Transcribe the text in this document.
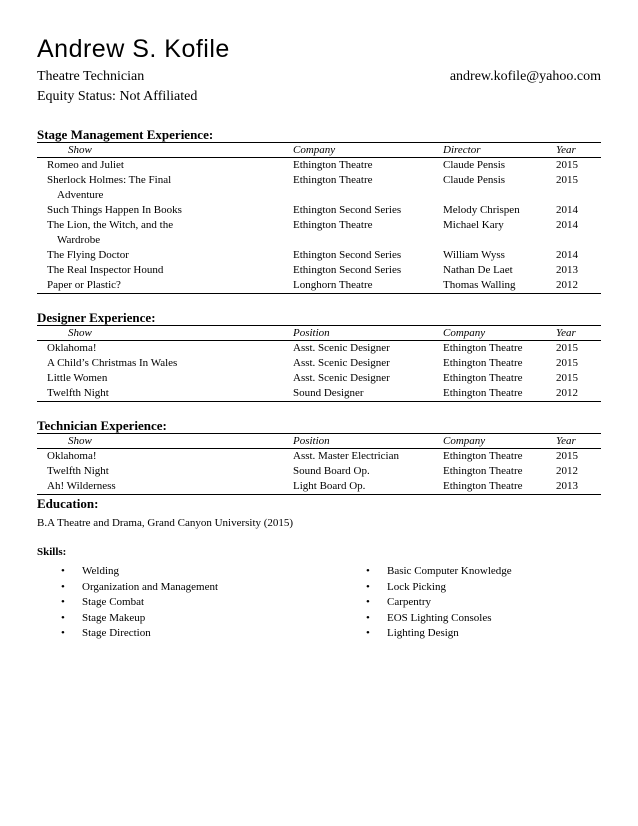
Andrew S. Kofile
Theatre Technician	andrew.kofile@yahoo.com
Equity Status: Not Affiliated
Stage Management Experience:
Show	Company	Director	Year
Romeo and Juliet	Ethington Theatre	Claude Pensis	2015
Sherlock Holmes: The Final
Adventure	Ethington Theatre	Claude Pensis	2015
Such Things Happen In Books	Ethington Second Series	Melody Chrispen	2014
The Lion, the Witch, and the
Wardrobe	Ethington Theatre	Michael Kary	2014
The Flying Doctor	Ethington Second Series	William Wyss	2014
The Real Inspector Hound	Ethington Second Series	Nathan De Laet	2013
Paper or Plastic?	Longhorn Theatre	Thomas Walling	2012
Designer Experience:
Show	Position	Company	Year
Oklahoma!	Asst. Scenic Designer	Ethington Theatre	2015
A Child’s Christmas In Wales	Asst. Scenic Designer	Ethington Theatre	2015
Little Women	Asst. Scenic Designer	Ethington Theatre	2015
Twelfth Night	Sound Designer	Ethington Theatre	2012
Technician Experience:
Show	Position	Company	Year
Oklahoma!	Asst. Master Electrician	Ethington Theatre	2015
Twelfth Night	Sound Board Op.	Ethington Theatre	2012
Ah! Wilderness	Light Board Op.	Ethington Theatre	2013
Education:
B.A Theatre and Drama, Grand Canyon University (2015)
Skills:
•	Welding
•	Organization and Management
•	Stage Combat
•	Stage Makeup
•	Stage Direction
•	Basic Computer Knowledge
•	Lock Picking
•	Carpentry
•	EOS Lighting Consoles
•	Lighting Design
